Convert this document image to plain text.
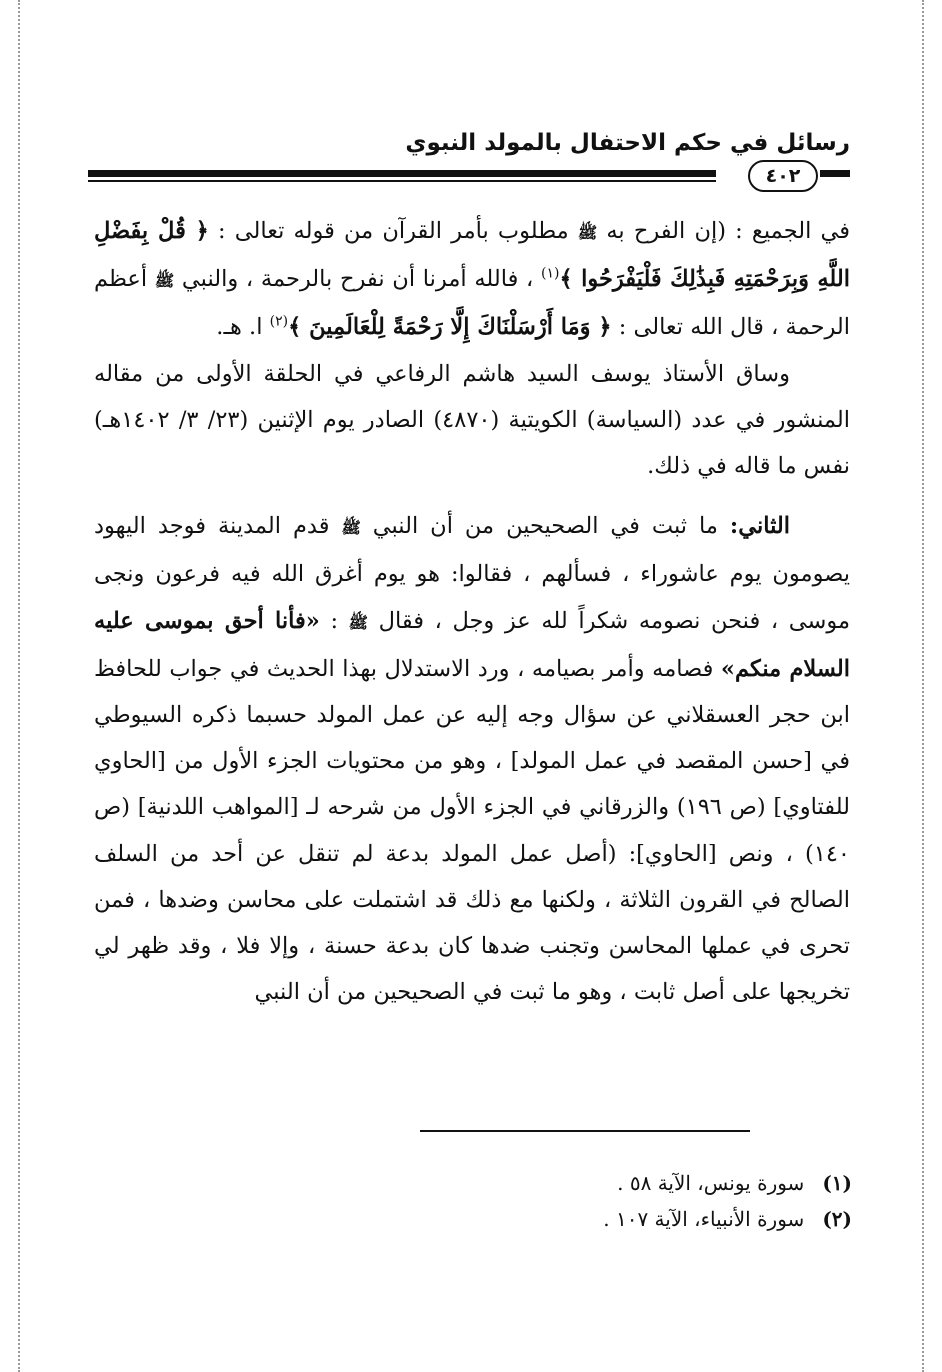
رسائل في حكم الاحتفال بالمولد النبوي
٤٠٢

في الجميع : (إن الفرح به ﷺ مطلوب بأمر القرآن من قوله تعالى : ﴿ قُلْ بِفَضْلِ اللَّهِ وَبِرَحْمَتِهِ فَبِذَٰلِكَ فَلْيَفْرَحُوا ﴾$^{(١)}$ ، فالله أمرنا أن نفرح بالرحمة ، والنبي ﷺ أعظم الرحمة ، قال الله تعالى : ﴿ وَمَا أَرْسَلْنَاكَ إِلَّا رَحْمَةً لِلْعَالَمِينَ ﴾$^{(٢)}$ ا. هـ.

وساق الأستاذ يوسف السيد هاشم الرفاعي في الحلقة الأولى من مقاله المنشور في عدد (السياسة) الكويتية (٤٨٧٠) الصادر يوم الإثنين (٢٣/ ٣/ ١٤٠٢هـ) نفس ما قاله في ذلك.

الثاني: ما ثبت في الصحيحين من أن النبي ﷺ قدم المدينة فوجد اليهود يصومون يوم عاشوراء ، فسألهم ، فقالوا: هو يوم أغرق الله فيه فرعون ونجى موسى ، فنحن نصومه شكراً لله عز وجل ، فقال ﷺ : «فأنا أحق بموسى عليه السلام منكم» فصامه وأمر بصيامه ، ورد الاستدلال بهذا الحديث في جواب للحافظ ابن حجر العسقلاني عن سؤال وجه إليه عن عمل المولد حسبما ذكره السيوطي في [حسن المقصد في عمل المولد] ، وهو من محتويات الجزء الأول من [الحاوي للفتاوي] (ص ١٩٦) والزرقاني في الجزء الأول من شرحه لـ [المواهب اللدنية] (ص ١٤٠) ، ونص [الحاوي]: (أصل عمل المولد بدعة لم تنقل عن أحد من السلف الصالح في القرون الثلاثة ، ولكنها مع ذلك قد اشتملت على محاسن وضدها ، فمن تحرى في عملها المحاسن وتجنب ضدها كان بدعة حسنة ، وإلا فلا ، وقد ظهر لي تخريجها على أصل ثابت ، وهو ما ثبت في الصحيحين من أن النبي

(١)سورة يونس، الآية ٥٨ .
(٢)سورة الأنبياء، الآية ١٠٧ .
